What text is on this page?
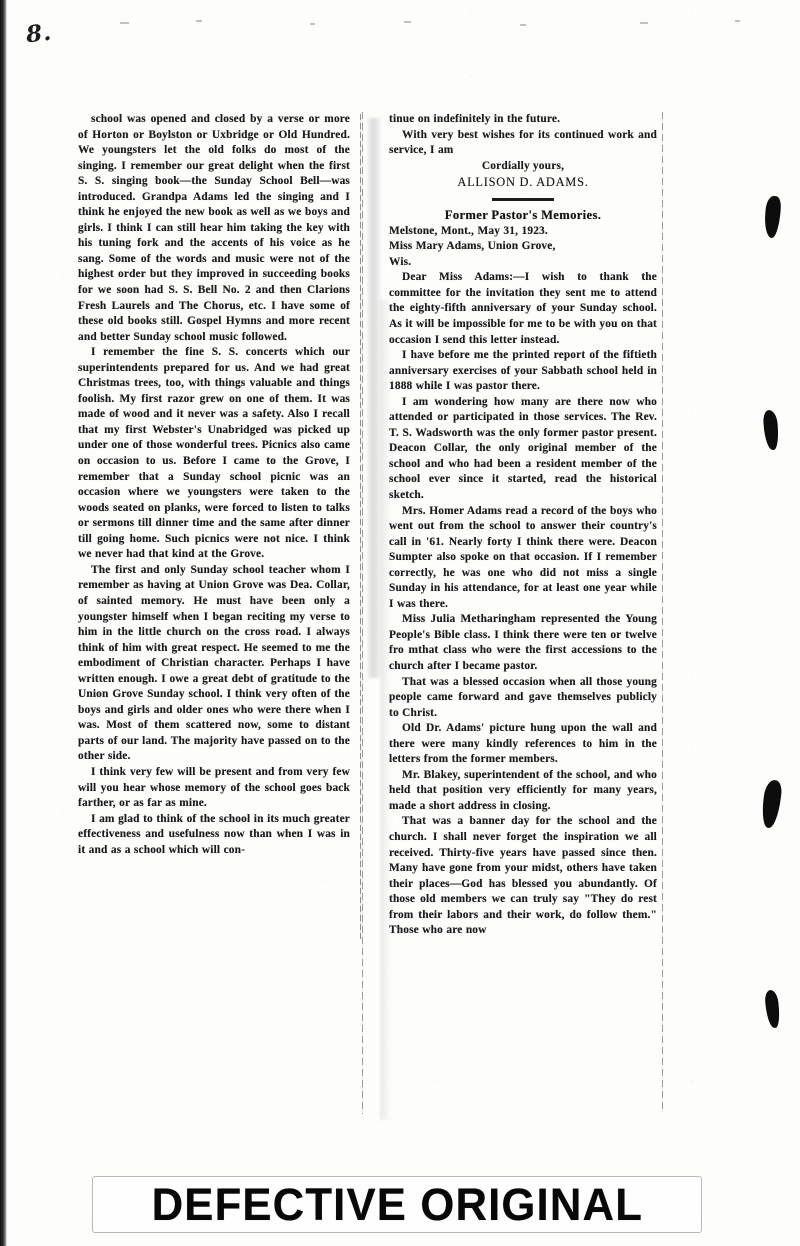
8.

school was opened and closed by a verse or more of Horton or Boylston or Uxbridge or Old Hundred. We youngsters let the old folks do most of the singing. I remember our great delight when the first S. S. singing book—the Sunday School Bell—was introduced. Grandpa Adams led the singing and I think he enjoyed the new book as well as we boys and girls. I think I can still hear him taking the key with his tuning fork and the accents of his voice as he sang. Some of the words and music were not of the highest order but they improved in succeeding books for we soon had S. S. Bell No. 2 and then Clarions Fresh Laurels and The Chorus, etc. I have some of these old books still. Gospel Hymns and more recent and better Sunday school music followed.

I remember the fine S. S. concerts which our superintendents prepared for us. And we had great Christmas trees, too, with things valuable and things foolish. My first razor grew on one of them. It was made of wood and it never was a safety. Also I recall that my first Webster's Unabridged was picked up under one of those wonderful trees. Picnics also came on occasion to us. Before I came to the Grove, I remember that a Sunday school picnic was an occasion where we youngsters were taken to the woods seated on planks, were forced to listen to talks or sermons till dinner time and the same after dinner till going home. Such picnics were not nice. I think we never had that kind at the Grove.

The first and only Sunday school teacher whom I remember as having at Union Grove was Dea. Collar, of sainted memory. He must have been only a youngster himself when I began reciting my verse to him in the little church on the cross road. I always think of him with great respect. He seemed to me the embodiment of Christian character. Perhaps I have written enough. I owe a great debt of gratitude to the Union Grove Sunday school. I think very often of the boys and girls and older ones who were there when I was. Most of them scattered now, some to distant parts of our land. The majority have passed on to the other side.

I think very few will be present and from very few will you hear whose memory of the school goes back farther, or as far as mine.

I am glad to think of the school in its much greater effectiveness and usefulness now than when I was in it and as a school which will con-

tinue on indefinitely in the future.

With very best wishes for its continued work and service, I am

Cordially yours,

ALLISON D. ADAMS.

Former Pastor's Memories.

Melstone, Mont., May 31, 1923.

Miss Mary Adams, Union Grove,

Wis.

Dear Miss Adams:—I wish to thank the committee for the invitation they sent me to attend the eighty-fifth anniversary of your Sunday school. As it will be impossible for me to be with you on that occasion I send this letter instead.

I have before me the printed report of the fiftieth anniversary exercises of your Sabbath school held in 1888 while I was pastor there.

I am wondering how many are there now who attended or participated in those services. The Rev. T. S. Wadsworth was the only former pastor present. Deacon Collar, the only original member of the school and who had been a resident member of the school ever since it started, read the historical sketch.

Mrs. Homer Adams read a record of the boys who went out from the school to answer their country's call in '61. Nearly forty I think there were. Deacon Sumpter also spoke on that occasion. If I remember correctly, he was one who did not miss a single Sunday in his attendance, for at least one year while I was there.

Miss Julia Metharingham represented the Young People's Bible class. I think there were ten or twelve fro mthat class who were the first accessions to the church after I became pastor.

That was a blessed occasion when all those young people came forward and gave themselves publicly to Christ.

Old Dr. Adams' picture hung upon the wall and there were many kindly references to him in the letters from the former members.

Mr. Blakey, superintendent of the school, and who held that position very efficiently for many years, made a short address in closing.

That was a banner day for the school and the church. I shall never forget the inspiration we all received. Thirty-five years have passed since then. Many have gone from your midst, others have taken their places—God has blessed you abundantly. Of those old members we can truly say "They do rest from their labors and their work, do follow them." Those who are now

DEFECTIVE ORIGINAL
